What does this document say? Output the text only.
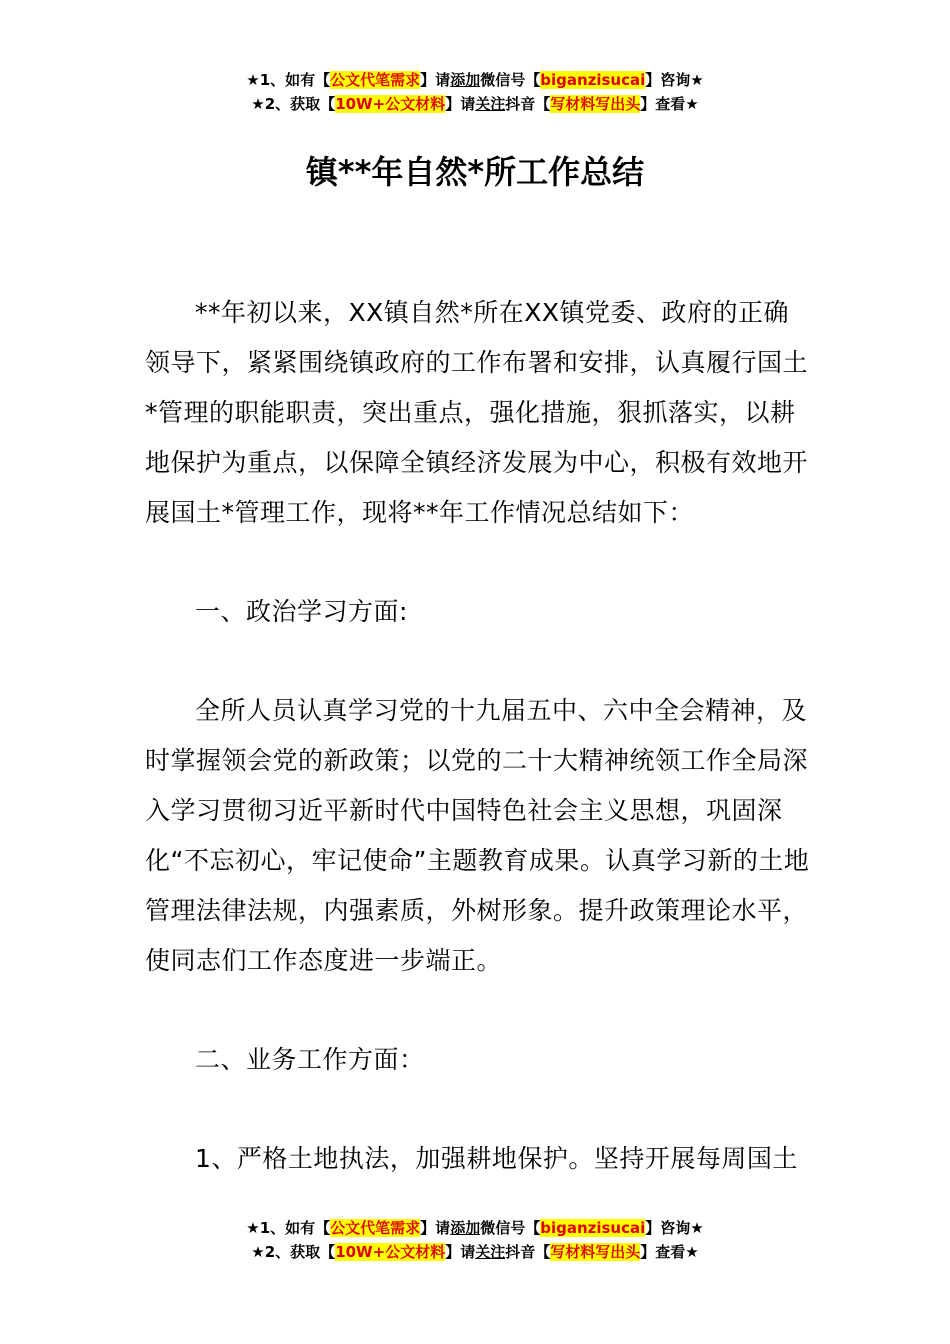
★1、如有【公文代笔需求】请添加微信号【biganzisucai】咨询★
★2、获取【10W+公文材料】请关注抖音【写材料写出头】查看★
镇**年自然*所工作总结

**年初以来，XX镇自然*所在XX镇党委、政府的正确领导下，紧紧围绕镇政府的工作布署和安排，认真履行国土*管理的职能职责，突出重点，强化措施，狠抓落实，以耕地保护为重点，以保障全镇经济发展为中心，积极有效地开展国土*管理工作，现将**年工作情况总结如下：

一、政治学习方面:

全所人员认真学习党的十九届五中、六中全会精神，及时掌握领会党的新政策；以党的二十大精神统领工作全局深入学习贯彻习近平新时代中国特色社会主义思想，巩固深化“不忘初心，牢记使命”主题教育成果。认真学习新的土地管理法律法规，内强素质，外树形象。提升政策理论水平，使同志们工作态度进一步端正。

二、业务工作方面：

1、严格土地执法，加强耕地保护。坚持开展每周国土

★1、如有【公文代笔需求】请添加微信号【biganzisucai】咨询★
★2、获取【10W+公文材料】请关注抖音【写材料写出头】查看★
